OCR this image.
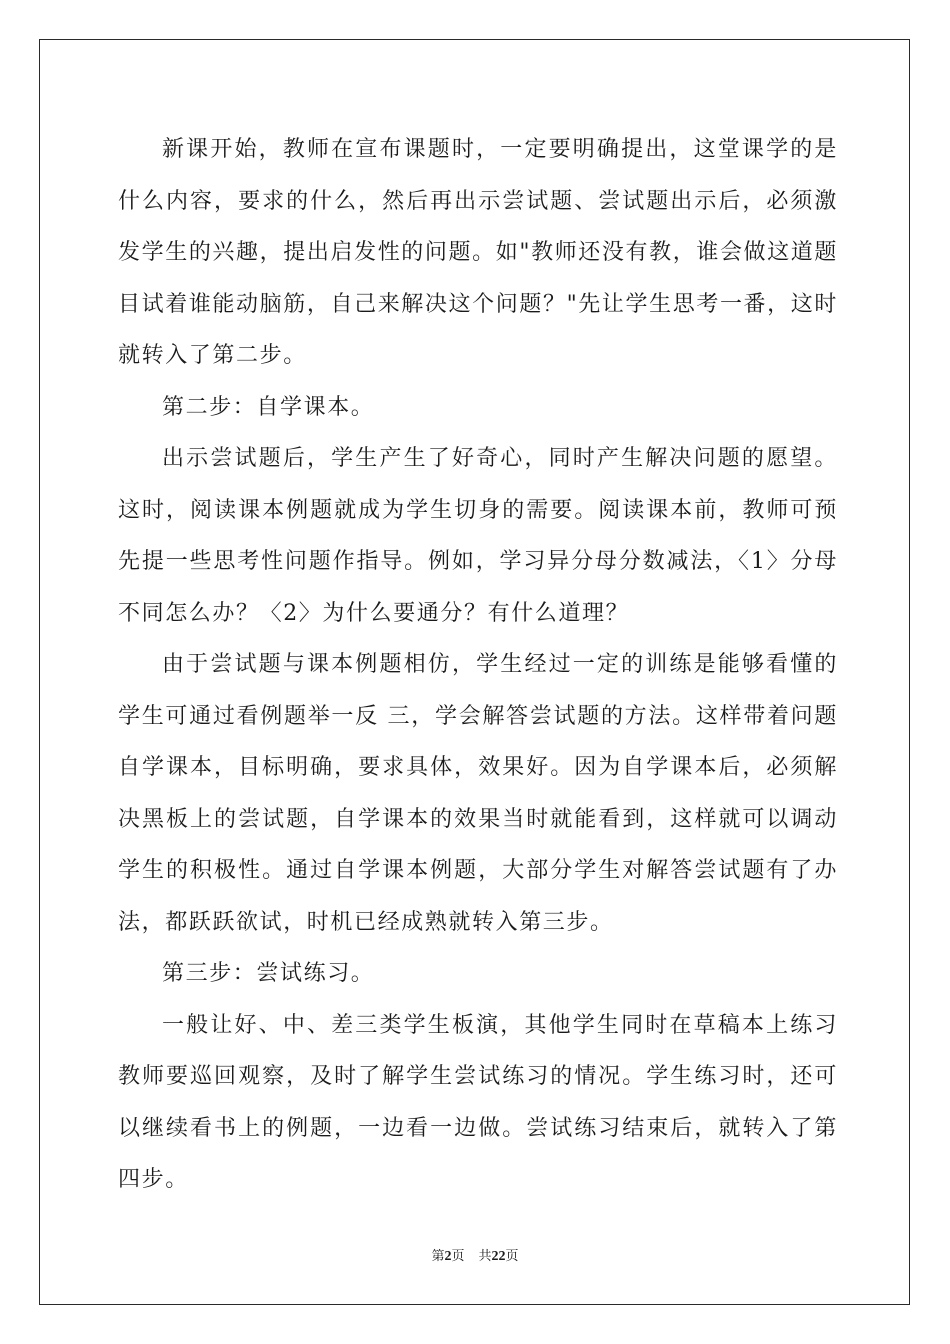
新课开始，教师在宣布课题时，一定要明确提出，这堂课学的是什么内容，要求的什么，然后再出示尝试题、尝试题出示后，必须激发学生的兴趣，提出启发性的问题。如"教师还没有教，谁会做这道题目试着谁能动脑筋，自己来解决这个问题？"先让学生思考一番，这时就转入了第二步。

第二步：自学课本。

出示尝试题后，学生产生了好奇心，同时产生解决问题的愿望。这时，阅读课本例题就成为学生切身的需要。阅读课本前，教师可预先提一些思考性问题作指导。例如，学习异分母分数减法，〈1〉分母不同怎么办？〈2〉为什么要通分？有什么道理？

由于尝试题与课本例题相仿，学生经过一定的训练是能够看懂的学生可通过看例题举一反 三，学会解答尝试题的方法。这样带着问题自学课本，目标明确，要求具体，效果好。因为自学课本后，必须解决黑板上的尝试题，自学课本的效果当时就能看到，这样就可以调动学生的积极性。通过自学课本例题，大部分学生对解答尝试题有了办法，都跃跃欲试，时机已经成熟就转入第三步。

第三步：尝试练习。

一般让好、中、差三类学生板演，其他学生同时在草稿本上练习教师要巡回观察，及时了解学生尝试练习的情况。学生练习时，还可以继续看书上的例题，一边看一边做。尝试练习结束后，就转入了第四步。

第2页 共22页
